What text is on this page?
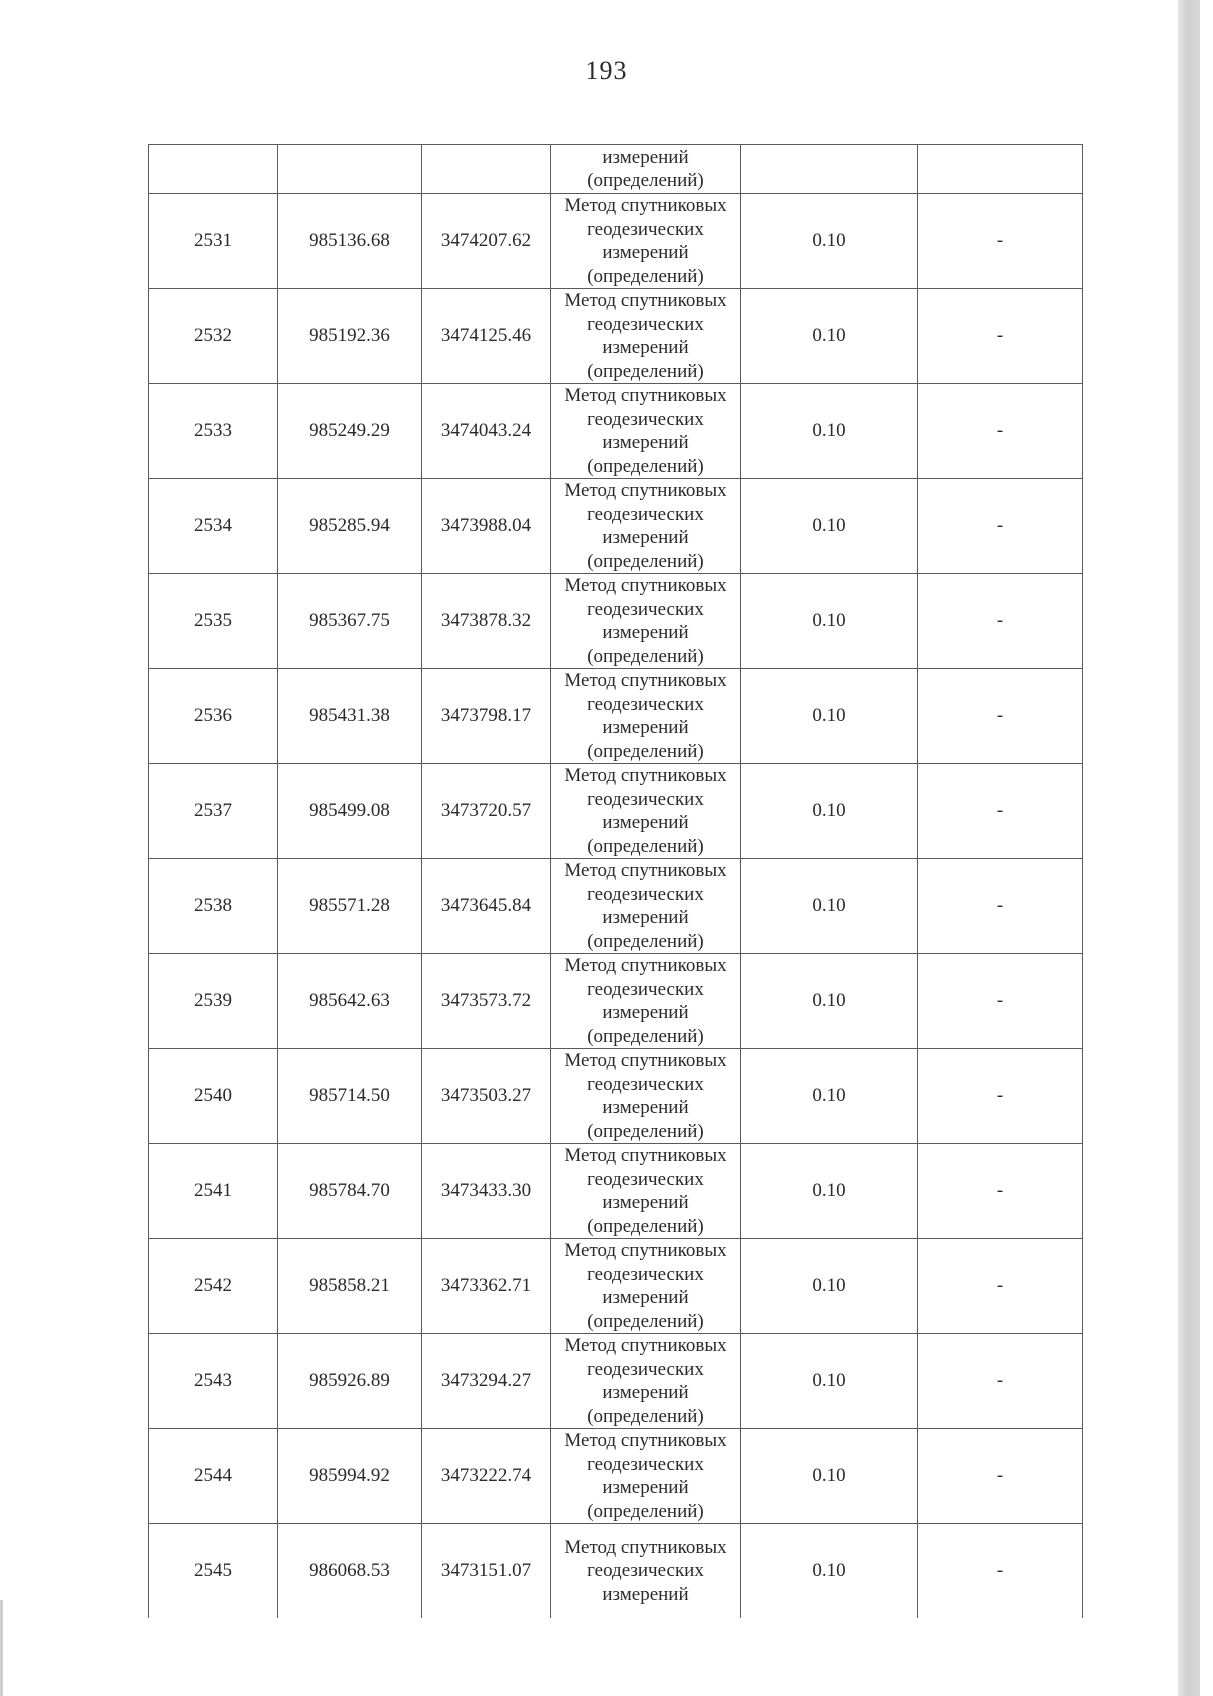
193

			измерений
(определений)		

2531	985136.68	3474207.62	Метод спутниковых
геодезических
измерений
(определений)	0.10	-
2532	985192.36	3474125.46	Метод спутниковых
геодезических
измерений
(определений)	0.10	-
2533	985249.29	3474043.24	Метод спутниковых
геодезических
измерений
(определений)	0.10	-
2534	985285.94	3473988.04	Метод спутниковых
геодезических
измерений
(определений)	0.10	-
2535	985367.75	3473878.32	Метод спутниковых
геодезических
измерений
(определений)	0.10	-
2536	985431.38	3473798.17	Метод спутниковых
геодезических
измерений
(определений)	0.10	-
2537	985499.08	3473720.57	Метод спутниковых
геодезических
измерений
(определений)	0.10	-
2538	985571.28	3473645.84	Метод спутниковых
геодезических
измерений
(определений)	0.10	-
2539	985642.63	3473573.72	Метод спутниковых
геодезических
измерений
(определений)	0.10	-
2540	985714.50	3473503.27	Метод спутниковых
геодезических
измерений
(определений)	0.10	-
2541	985784.70	3473433.30	Метод спутниковых
геодезических
измерений
(определений)	0.10	-
2542	985858.21	3473362.71	Метод спутниковых
геодезических
измерений
(определений)	0.10	-
2543	985926.89	3473294.27	Метод спутниковых
геодезических
измерений
(определений)	0.10	-
2544	985994.92	3473222.74	Метод спутниковых
геодезических
измерений
(определений)	0.10	-
2545	986068.53	3473151.07	Метод спутниковых
геодезических
измерений	0.10	-
